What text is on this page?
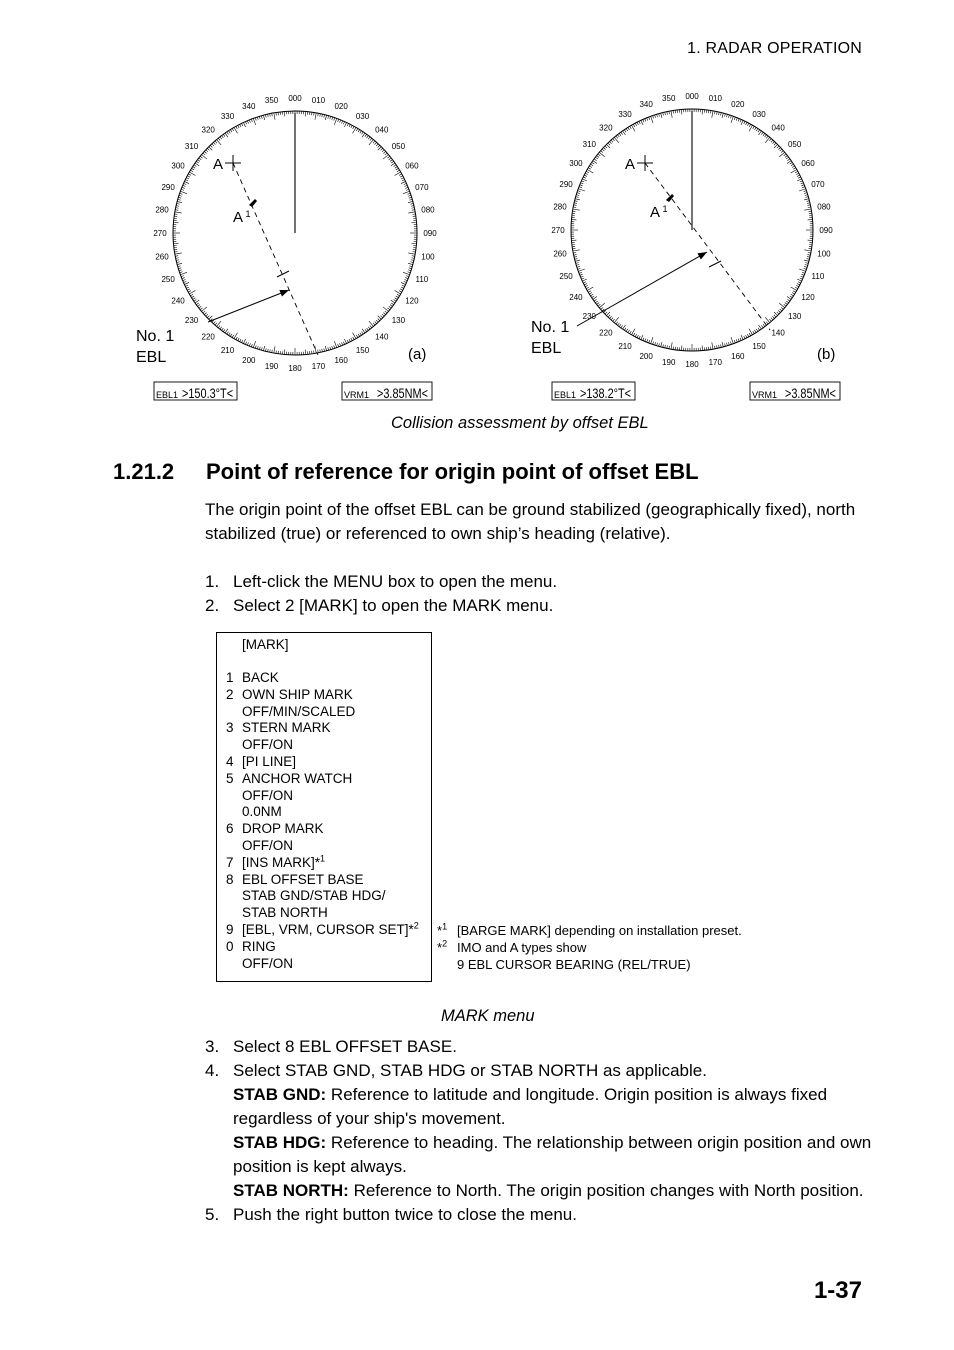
1. RADAR OPERATION
000 010
020
030
040
050
060
070
080
090
100
110
120
130
140
150
160
170
180
190
200
210
220
230
240
250
260
270
280
290
300
310
320
330
340
350
A
A 1
No. 1
EBL	(a)
EBL1 >150.3°T<	VRM1 >3.85NM<
000 010
020
030
040
050
060
070
080
090
100
110
120
130
140
150
160
170
180
190
200
210
220
230
240
250
260
270
280
290
300
310
320
330
340
350
A
A 1
No. 1
EBL	(b)
EBL1 >138.2°T<	VRM1 >3.85NM<
Collision assessment by offset EBL
1.21.2 Point of reference for origin point of offset EBL
The origin point of the offset EBL can be ground stabilized (geographically fixed), north stabilized (true) or referenced to own ship’s heading (relative).
1. Left-click the MENU box to open the menu.
2. Select 2 [MARK] to open the MARK menu.
[MARK]
1 BACK
2 OWN SHIP MARK
OFF/MIN/SCALED
3 STERN MARK
OFF/ON
4 [PI LINE]
5 ANCHOR WATCH
OFF/ON
0.0NM
6 DROP MARK
OFF/ON
7 [INS MARK]*$^1$
8 EBL OFFSET BASE
STAB GND/STAB HDG/
STAB NORTH
9 [EBL, VRM, CURSOR SET]*$^2$
0 RING
OFF/ON
*$^1$ [BARGE MARK] depending on installation preset.
*$^2$ IMO and A types show
9 EBL CURSOR BEARING (REL/TRUE)
MARK menu
3. Select 8 EBL OFFSET BASE.
4. Select STAB GND, STAB HDG or STAB NORTH as applicable.
STAB GND: Reference to latitude and longitude. Origin position is always fixed regardless of your ship's movement.
STAB HDG: Reference to heading. The relationship between origin position and own position is kept always.
STAB NORTH: Reference to North. The origin position changes with North position.
5. Push the right button twice to close the menu.
1-37
